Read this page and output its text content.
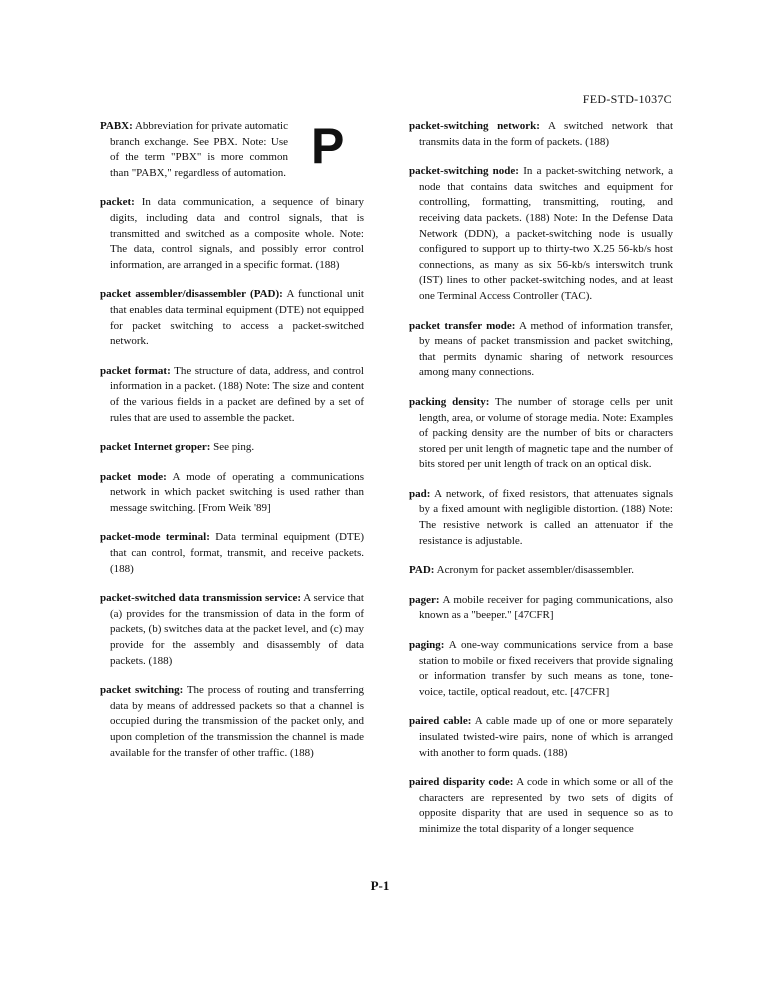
FED-STD-1037C
P

PABX: Abbreviation for private automatic branch exchange. See PBX. Note: Use of the term "PBX" is more common than "PABX," regardless of automation.

packet: In data communication, a sequence of binary digits, including data and control signals, that is transmitted and switched as a composite whole. Note: The data, control signals, and possibly error control information, are arranged in a specific format. (188)

packet assembler/disassembler (PAD): A functional unit that enables data terminal equipment (DTE) not equipped for packet switching to access a packet-switched network.

packet format: The structure of data, address, and control information in a packet. (188) Note: The size and content of the various fields in a packet are defined by a set of rules that are used to assemble the packet.

packet Internet groper: See ping.

packet mode: A mode of operating a communications network in which packet switching is used rather than message switching. [From Weik '89]

packet-mode terminal: Data terminal equipment (DTE) that can control, format, transmit, and receive packets. (188)

packet-switched data transmission service: A service that (a) provides for the transmission of data in the form of packets, (b) switches data at the packet level, and (c) may provide for the assembly and disassembly of data packets. (188)

packet switching: The process of routing and transferring data by means of addressed packets so that a channel is occupied during the transmission of the packet only, and upon completion of the transmission the channel is made available for the transfer of other traffic. (188)

packet-switching network: A switched network that transmits data in the form of packets. (188)

packet-switching node: In a packet-switching network, a node that contains data switches and equipment for controlling, formatting, transmitting, routing, and receiving data packets. (188) Note: In the Defense Data Network (DDN), a packet-switching node is usually configured to support up to thirty-two X.25 56-kb/s host connections, as many as six 56-kb/s interswitch trunk (IST) lines to other packet-switching nodes, and at least one Terminal Access Controller (TAC).

packet transfer mode: A method of information transfer, by means of packet transmission and packet switching, that permits dynamic sharing of network resources among many connections.

packing density: The number of storage cells per unit length, area, or volume of storage media. Note: Examples of packing density are the number of bits or characters stored per unit length of magnetic tape and the number of bits stored per unit length of track on an optical disk.

pad: A network, of fixed resistors, that attenuates signals by a fixed amount with negligible distortion. (188) Note: The resistive network is called an attenuator if the resistance is adjustable.

PAD: Acronym for packet assembler/disassembler.

pager: A mobile receiver for paging communications, also known as a "beeper." [47CFR]

paging: A one-way communications service from a base station to mobile or fixed receivers that provide signaling or information transfer by such means as tone, tone-voice, tactile, optical readout, etc. [47CFR]

paired cable: A cable made up of one or more separately insulated twisted-wire pairs, none of which is arranged with another to form quads. (188)

paired disparity code: A code in which some or all of the characters are represented by two sets of digits of opposite disparity that are used in sequence so as to minimize the total disparity of a longer sequence

P-1
